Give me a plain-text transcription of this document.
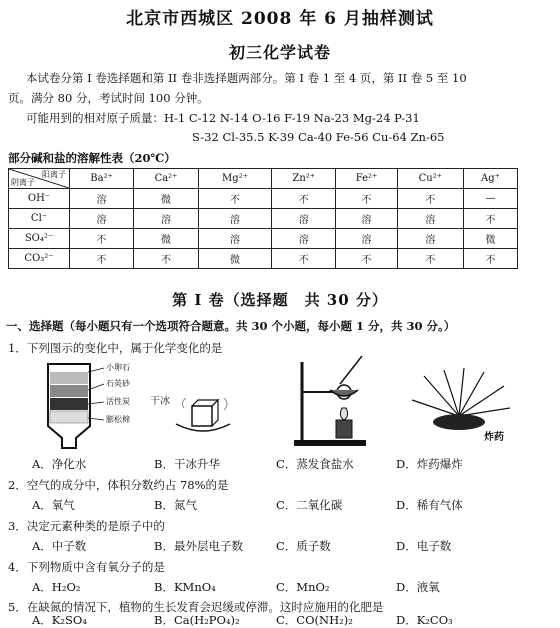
北京市西城区 2008 年 6 月抽样测试
初三化学试卷
本试卷分第 I 卷选择题和第 II 卷非选择题两部分。第 I 卷 1 至 4 页，第 II 卷 5 至 10
页。满分 80 分，考试时间 100 分钟。
可能用到的相对原子质量：H-1 C-12 N-14 O-16 F-19 Na-23 Mg-24 P-31
S-32 Cl-35.5 K-39 Ca-40 Fe-56 Cu-64 Zn-65
部分碱和盐的溶解性表（20℃）
阳离子
阴离子	Ba²⁺	Ca²⁺	Mg²⁺	Zn²⁺	Fe²⁺	Cu²⁺	Ag⁺
OH⁻	溶	微	不	不	不	不	—
Cl⁻	溶	溶	溶	溶	溶	溶	不
SO₄²⁻	不	微	溶	溶	溶	溶	微
CO₃²⁻	不	不	微	不	不	不	不
第 I 卷（选择题　共 30 分）
一、选择题（每小题只有一个选项符合题意。共 30 个小题，每小题 1 分，共 30 分。）
1．下列图示的变化中，属于化学变化的是
小卵石
石英砂
活性炭
膨松棉
干冰
炸药
A．净化水	B．干冰升华	C．蒸发食盐水	D．炸药爆炸
2．空气的成分中，体积分数约占 78%的是
A．氧气	B．氮气	C．二氧化碳	D．稀有气体
3．决定元素种类的是原子中的
A．中子数	B．最外层电子数	C．质子数	D．电子数
4．下列物质中含有氧分子的是
A．H₂O₂	B．KMnO₄	C．MnO₂	D．液氧
5．在缺氮的情况下，植物的生长发育会迟缓或停滞。这时应施用的化肥是
A．K₂SO₄	B．Ca(H₂PO₄)₂	C．CO(NH₂)₂	D．K₂CO₃
